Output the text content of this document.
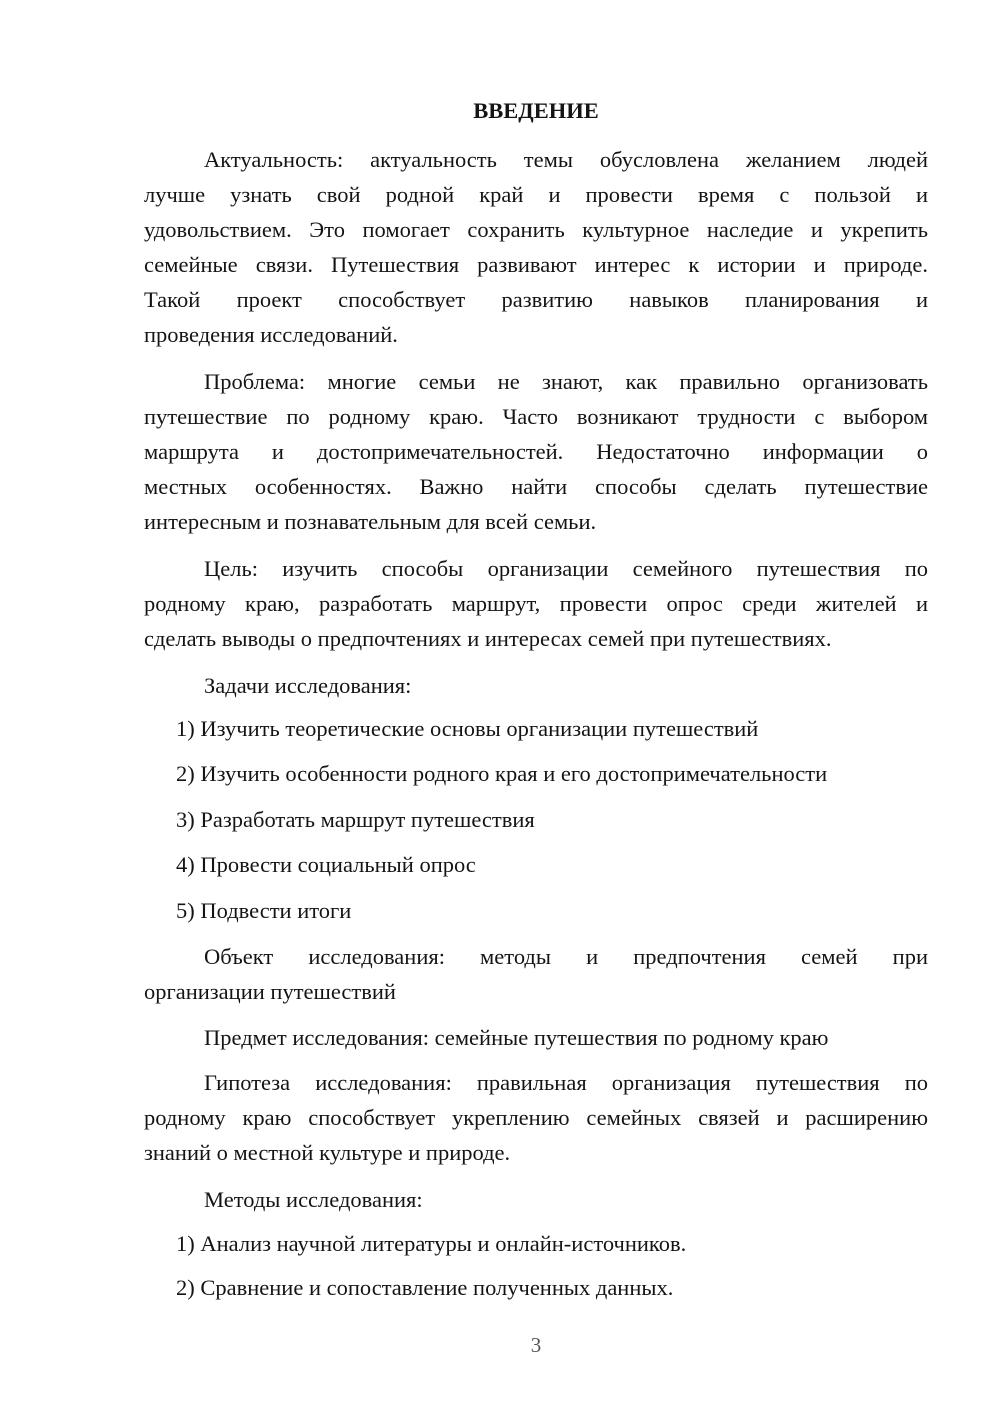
ВВЕДЕНИЕ
Актуальность: актуальность темы обусловлена желанием людей
лучше узнать свой родной край и провести время с пользой и
удовольствием. Это помогает сохранить культурное наследие и укрепить
семейные связи. Путешествия развивают интерес к истории и природе.
Такой проект способствует развитию навыков планирования и
проведения исследований.
Проблема: многие семьи не знают, как правильно организовать
путешествие по родному краю. Часто возникают трудности с выбором
маршрута и достопримечательностей. Недостаточно информации о
местных особенностях. Важно найти способы сделать путешествие
интересным и познавательным для всей семьи.
Цель: изучить способы организации семейного путешествия по
родному краю, разработать маршрут, провести опрос среди жителей и
сделать выводы о предпочтениях и интересах семей при путешествиях.
Задачи исследования:
1) Изучить теоретические основы организации путешествий
2) Изучить особенности родного края и его достопримечательности
3) Разработать маршрут путешествия
4) Провести социальный опрос
5) Подвести итоги
Объект исследования: методы и предпочтения семей при
организации путешествий
Предмет исследования: семейные путешествия по родному краю
Гипотеза исследования: правильная организация путешествия по
родному краю способствует укреплению семейных связей и расширению
знаний о местной культуре и природе.
Методы исследования:
1) Анализ научной литературы и онлайн-источников.
2) Сравнение и сопоставление полученных данных.
3
